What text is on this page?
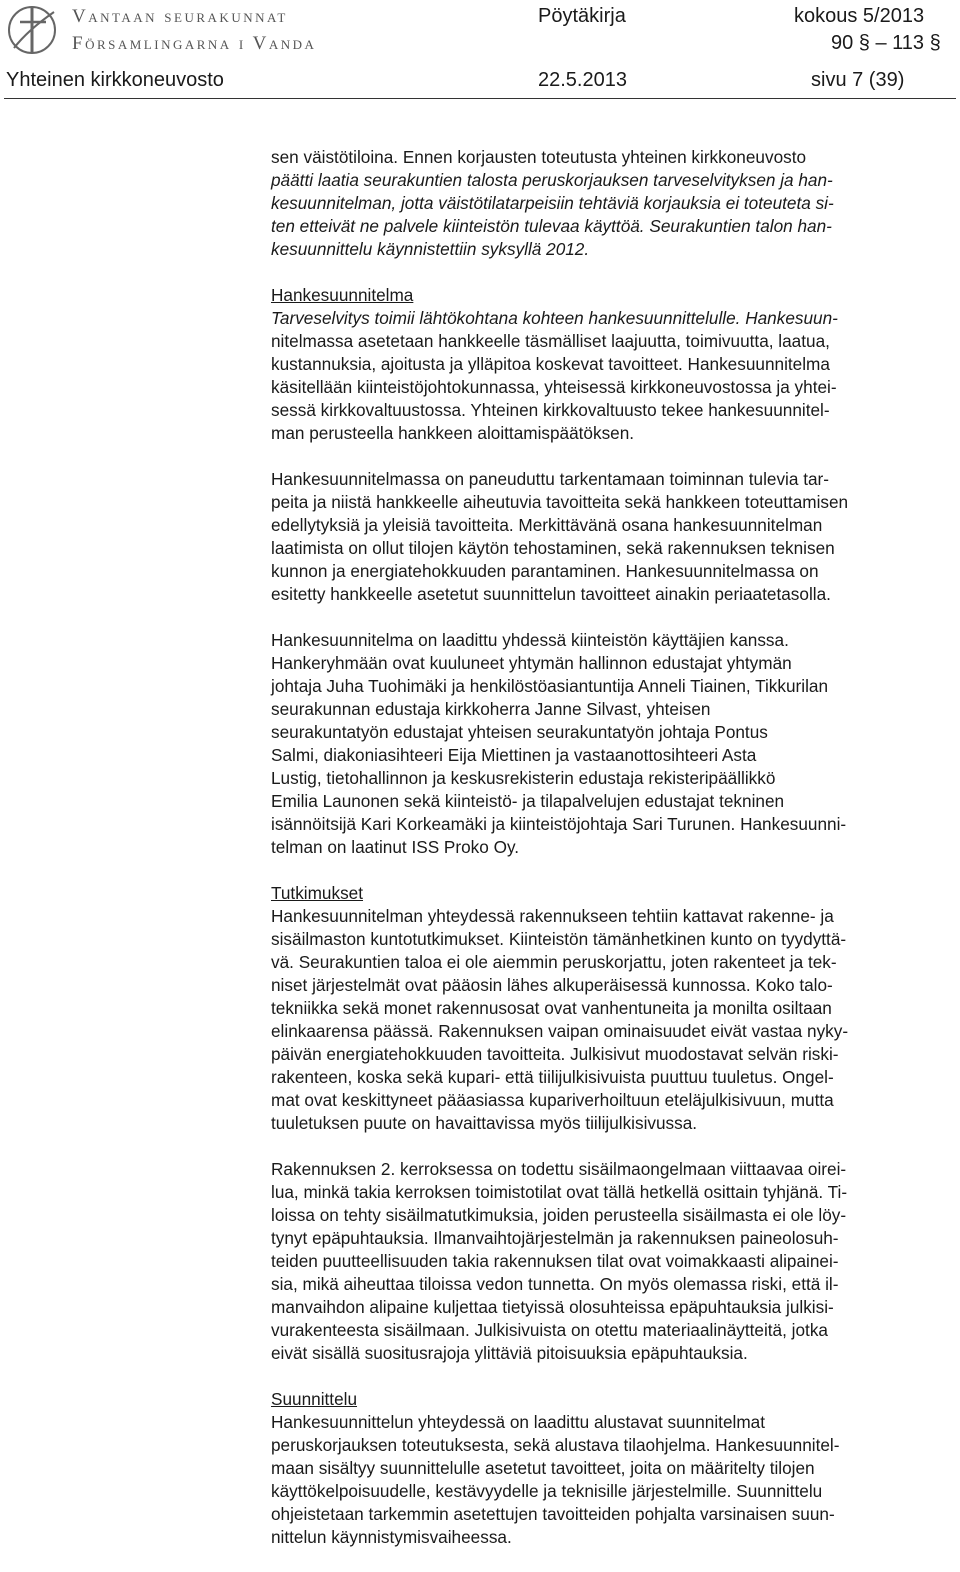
Vantaan seurakunnat
Församlingarna i Vanda
Pöytäkirja	kokous 5/2013
90 § – 113 §
Yhteinen kirkkoneuvosto	22.5.2013	sivu 7 (39)

sen väistötiloina. Ennen korjausten toteutusta yhteinen kirkkoneuvosto
päätti laatia seurakuntien talosta peruskorjauksen tarveselvityksen ja han-
kesuunnitelman, jotta väistötilatarpeisiin tehtäviä korjauksia ei toteuteta si-
ten etteivät ne palvele kiinteistön tulevaa käyttöä. Seurakuntien talon han-
kesuunnittelu käynnistettiin syksyllä 2012.

Hankesuunnitelma
Tarveselvitys toimii lähtökohtana kohteen hankesuunnittelulle. Hankesuun-
nitelmassa asetetaan hankkeelle täsmälliset laajuutta, toimivuutta, laatua,
kustannuksia, ajoitusta ja ylläpitoa koskevat tavoitteet. Hankesuunnitelma
käsitellään kiinteistöjohtokunnassa, yhteisessä kirkkoneuvostossa ja yhtei-
sessä kirkkovaltuustossa. Yhteinen kirkkovaltuusto tekee hankesuunnitel-
man perusteella hankkeen aloittamispäätöksen.

Hankesuunnitelmassa on paneuduttu tarkentamaan toiminnan tulevia tar-
peita ja niistä hankkeelle aiheutuvia tavoitteita sekä hankkeen toteuttamisen
edellytyksiä ja yleisiä tavoitteita. Merkittävänä osana hankesuunnitelman
laatimista on ollut tilojen käytön tehostaminen, sekä rakennuksen teknisen
kunnon ja energiatehokkuuden parantaminen. Hankesuunnitelmassa on
esitetty hankkeelle asetetut suunnittelun tavoitteet ainakin periaatetasolla.

Hankesuunnitelma on laadittu yhdessä kiinteistön käyttäjien kanssa.
Hankeryhmään ovat kuuluneet yhtymän hallinnon edustajat yhtymän
johtaja Juha Tuohimäki ja henkilöstöasiantuntija Anneli Tiainen, Tikkurilan
seurakunnan edustaja kirkkoherra Janne Silvast, yhteisen
seurakuntatyön edustajat yhteisen seurakuntatyön johtaja Pontus
Salmi, diakoniasihteeri Eija Miettinen ja vastaanottosihteeri Asta
Lustig, tietohallinnon ja keskusrekisterin edustaja rekisteripäällikkö
Emilia Launonen sekä kiinteistö- ja tilapalvelujen edustajat tekninen
isännöitsijä Kari Korkeamäki ja kiinteistöjohtaja Sari Turunen. Hankesuunni-
telman on laatinut ISS Proko Oy.

Tutkimukset
Hankesuunnitelman yhteydessä rakennukseen tehtiin kattavat rakenne- ja
sisäilmaston kuntotutkimukset. Kiinteistön tämänhetkinen kunto on tyydyttä-
vä. Seurakuntien taloa ei ole aiemmin peruskorjattu, joten rakenteet ja tek-
niset järjestelmät ovat pääosin lähes alkuperäisessä kunnossa. Koko talo-
tekniikka sekä monet rakennusosat ovat vanhentuneita ja monilta osiltaan
elinkaarensa päässä. Rakennuksen vaipan ominaisuudet eivät vastaa nyky-
päivän energiatehokkuuden tavoitteita. Julkisivut muodostavat selvän riski-
rakenteen, koska sekä kupari- että tiilijulkisivuista puuttuu tuuletus. Ongel-
mat ovat keskittyneet pääasiassa kupariverhoiltuun eteläjulkisivuun, mutta
tuuletuksen puute on havaittavissa myös tiilijulkisivussa.

Rakennuksen 2. kerroksessa on todettu sisäilmaongelmaan viittaavaa oirei-
lua, minkä takia kerroksen toimistotilat ovat tällä hetkellä osittain tyhjänä. Ti-
loissa on tehty sisäilmatutkimuksia, joiden perusteella sisäilmasta ei ole löy-
tynyt epäpuhtauksia. Ilmanvaihtojärjestelmän ja rakennuksen paineolosuh-
teiden puutteellisuuden takia rakennuksen tilat ovat voimakkaasti alipainei-
sia, mikä aiheuttaa tiloissa vedon tunnetta. On myös olemassa riski, että il-
manvaihdon alipaine kuljettaa tietyissä olosuhteissa epäpuhtauksia julkisi-
vurakenteesta sisäilmaan. Julkisivuista on otettu materiaalinäytteitä, jotka
eivät sisällä suositusrajoja ylittäviä pitoisuuksia epäpuhtauksia.

Suunnittelu
Hankesuunnittelun yhteydessä on laadittu alustavat suunnitelmat
peruskorjauksen toteutuksesta, sekä alustava tilaohjelma. Hankesuunnitel-
maan sisältyy suunnittelulle asetetut tavoitteet, joita on määritelty tilojen
käyttökelpoisuudelle, kestävyydelle ja teknisille järjestelmille. Suunnittelu
ohjeistetaan tarkemmin asetettujen tavoitteiden pohjalta varsinaisen suun-
nittelun käynnistymisvaiheessa.
